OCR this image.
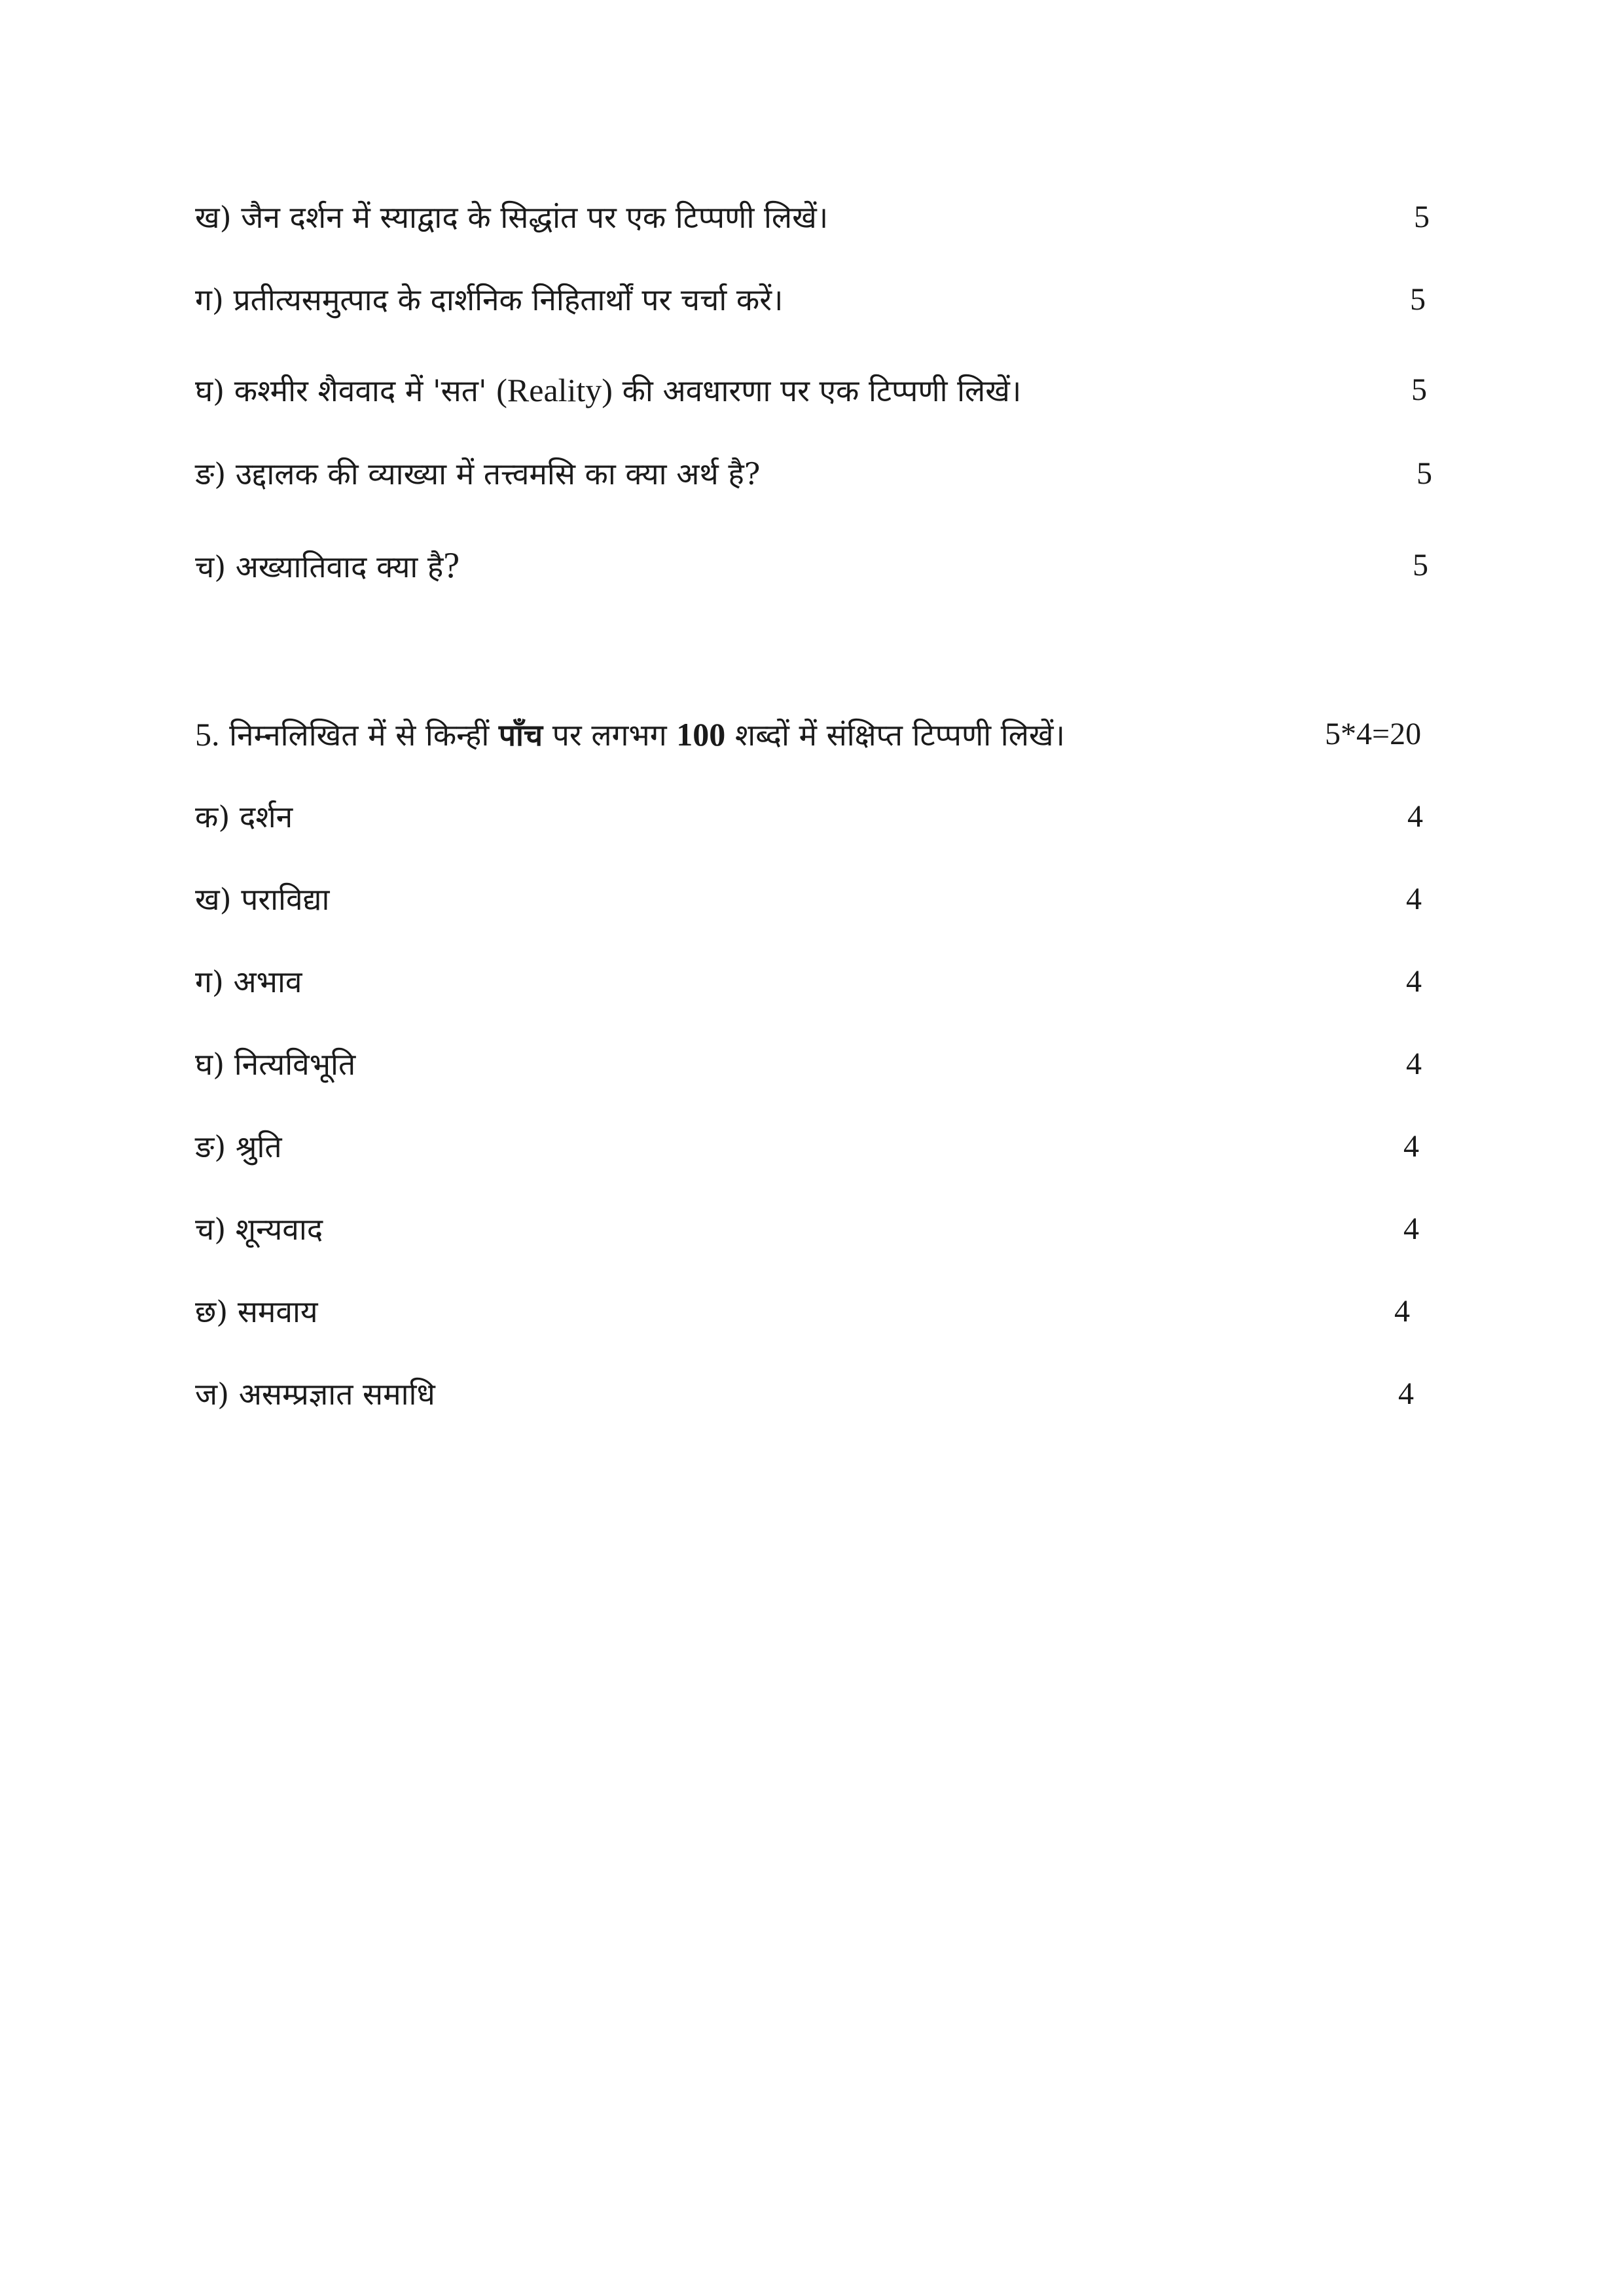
ख) जैन दर्शन में स्याद्वाद के सिद्धांत पर एक टिप्पणी लिखें।	5
ग) प्रतीत्यसमुत्पाद के दार्शनिक निहितार्थों पर चर्चा करें।	5
घ) कश्मीर शैववाद में 'सत' (Reality) की अवधारणा पर एक टिप्पणी लिखें।	5
ङ) उद्दालक की व्याख्या में तत्त्वमसि का क्या अर्थ है?	5
च) अख्यातिवाद क्या है?	5
5. निम्नलिखित में से किन्हीं पाँच पर लगभग 100 शब्दों में संक्षिप्त टिप्पणी लिखें।	5*4=20
क) दर्शन	4
ख) पराविद्या	4
ग) अभाव	4
घ) नित्यविभूति	4
ङ) श्रुति	4
च) शून्यवाद	4
छ) समवाय	4
ज) असम्प्रज्ञात समाधि	4
